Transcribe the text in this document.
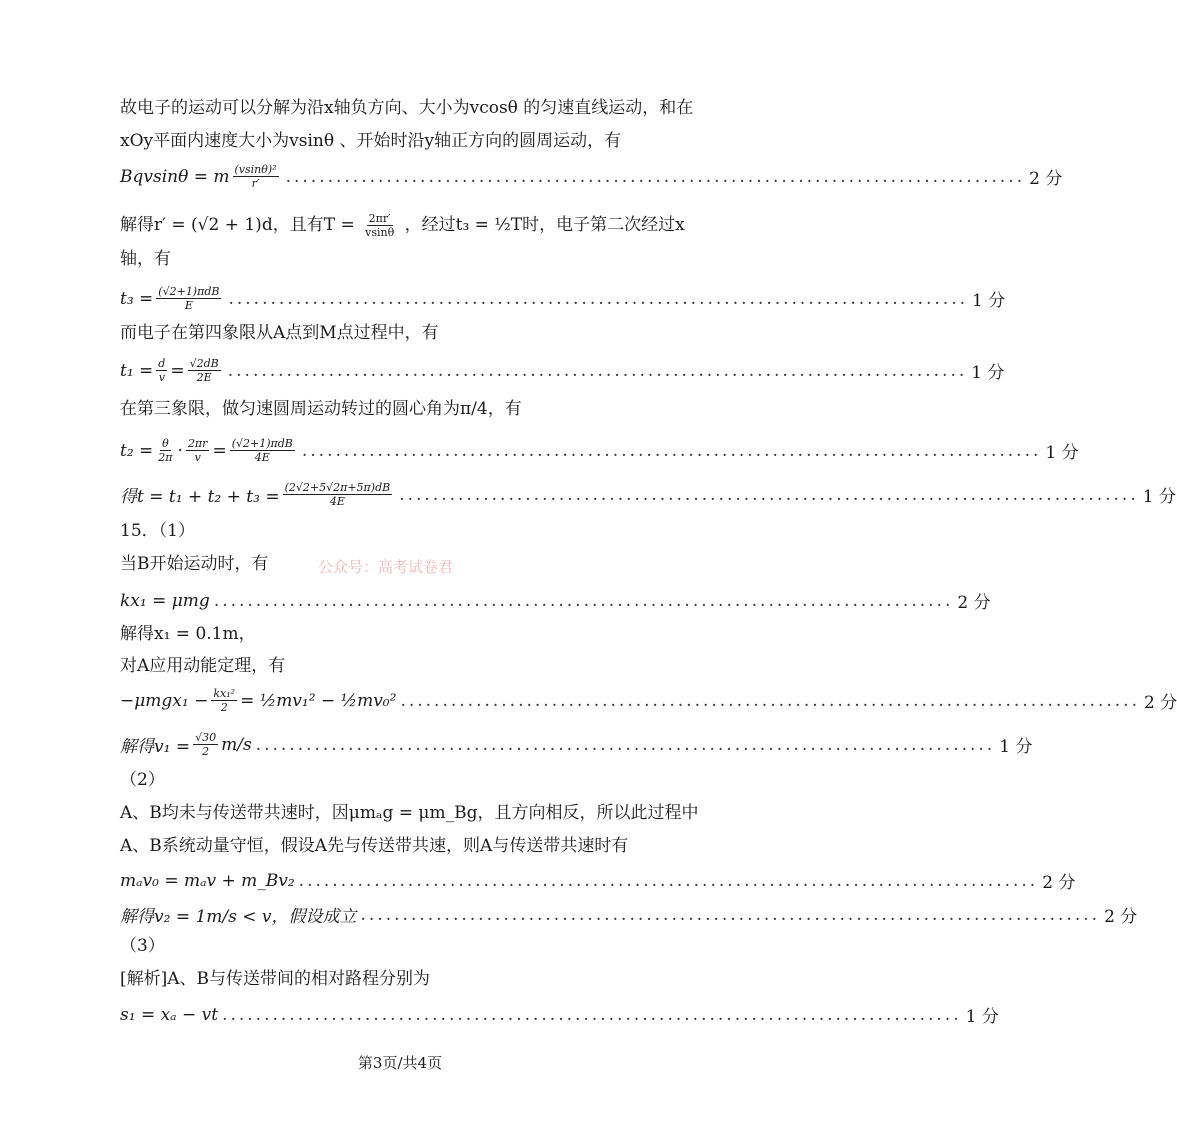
故电子的运动可以分解为沿x轴负方向、大小为vcosθ 的匀速直线运动，和在
xOy平面内速度大小为vsinθ 、开始时沿y轴正方向的圆周运动，有
Bqvsinθ = m $\frac{\text{(vsinθ)²}}{r'}$ ........................................................................................ 2 分
解得r′ = (√2 + 1)d，且有$T = \frac{2\pi r'}{vsin\theta}$ ，经过t₃ = ½T时，电子第二次经过x
轴，有
$t_3 = \frac{\text{(√2+1)πdB}}{E}$ ........................................................................................ 1 分
而电子在第四象限从A点到M点过程中，有
$t_1 = \frac{d}{v} = \frac{√2dB}{2E}$ ........................................................................................ 1 分
在第三象限，做匀速圆周运动转过的圆心角为π/4，有
$t_2 = \frac{\theta}{2\pi} \cdot \frac{2\pi r}{v} = \frac{\text{(√2+1)πdB}}{4E}$ ........................................................................................ 1 分
得$t = t_1 + t_2 + t_3 = \frac{(2√2+5√2\pi+5\pi)dB}{4E}$ ........................................................................................ 1 分
15．（1）
当B开始运动时，有	公众号：高考试卷君
kx₁ = μmg ........................................................................................ 2 分
解得x₁ = 0.1m，
对A应用动能定理，有
$-\mu mgx_1 - \frac{\text{kx₁²}}{2}$ = ½mv₁² − ½mv₀² ........................................................................................ 2 分
解得$v_1 = \frac{√30}{2} m/s$ ........................................................................................ 1 分
（2）
A、B均未与传送带共速时，因μmₐg = μm_Bg，且方向相反，所以此过程中
A、B系统动量守恒，假设A先与传送带共速，则A与传送带共速时有
mₐv₀ = mₐv + m_Bv₂ ........................................................................................ 2 分
解得v₂ = 1m/s < v，假设成立 ........................................................................................ 2 分
（3）
[解析]A、B与传送带间的相对路程分别为
s₁ = xₐ − vt ........................................................................................ 1 分
第3页/共4页
